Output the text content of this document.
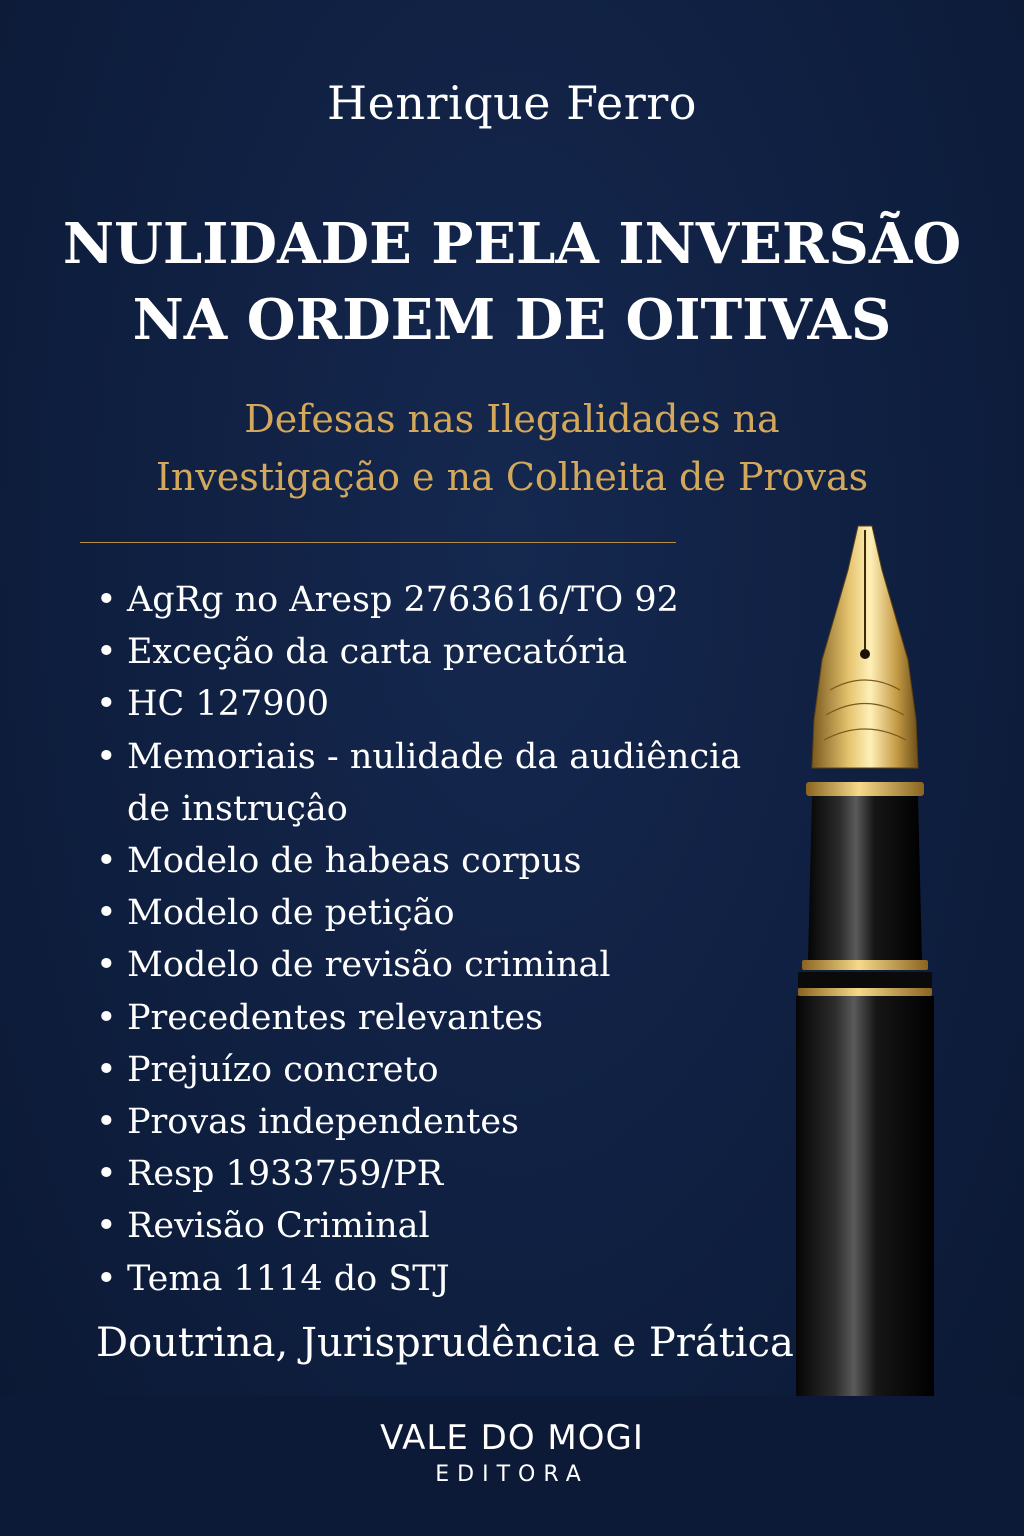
Henrique Ferro
NULIDADE PELA INVERSÃO
NA ORDEM DE OITIVAS
Defesas nas Ilegalidades na
Investigação e na Colheita de Provas
• AgRg no Aresp 2763616/TO 92
• Exceção da carta precatória
• HC 127900
• Memoriais - nulidade da audiência
de instruçâo
• Modelo de habeas corpus
• Modelo de petição
• Modelo de revisão criminal
• Precedentes relevantes
• Prejuízo concreto
• Provas independentes
• Resp 1933759/PR
• Revisão Criminal
• Tema 1114 do STJ
Doutrina, Jurisprudência e Prática
VALE DO MOGI
EDITORA
